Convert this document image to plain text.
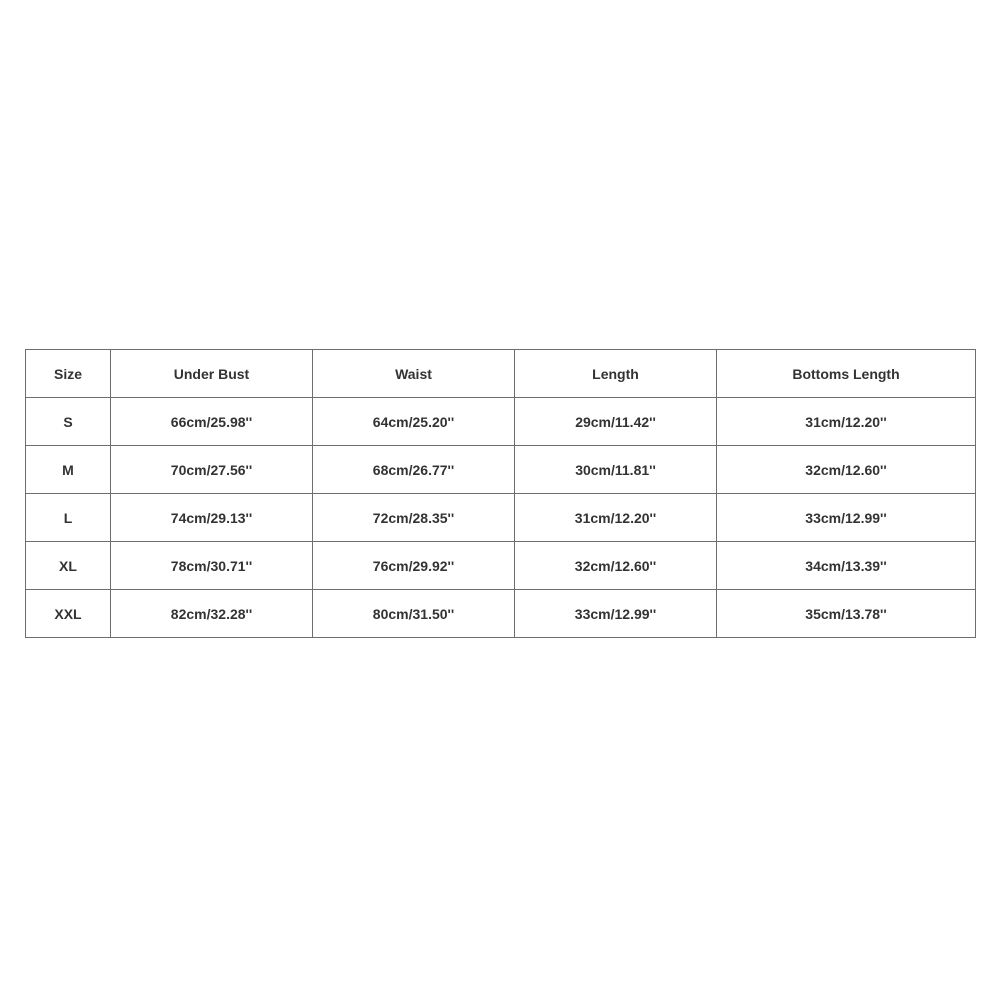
Size	Under Bust	Waist	Length	Bottoms Length
S	66cm/25.98''	64cm/25.20''	29cm/11.42''	31cm/12.20''
M	70cm/27.56''	68cm/26.77''	30cm/11.81''	32cm/12.60''
L	74cm/29.13''	72cm/28.35''	31cm/12.20''	33cm/12.99''
XL	78cm/30.71''	76cm/29.92''	32cm/12.60''	34cm/13.39''
XXL	82cm/32.28''	80cm/31.50''	33cm/12.99''	35cm/13.78''
